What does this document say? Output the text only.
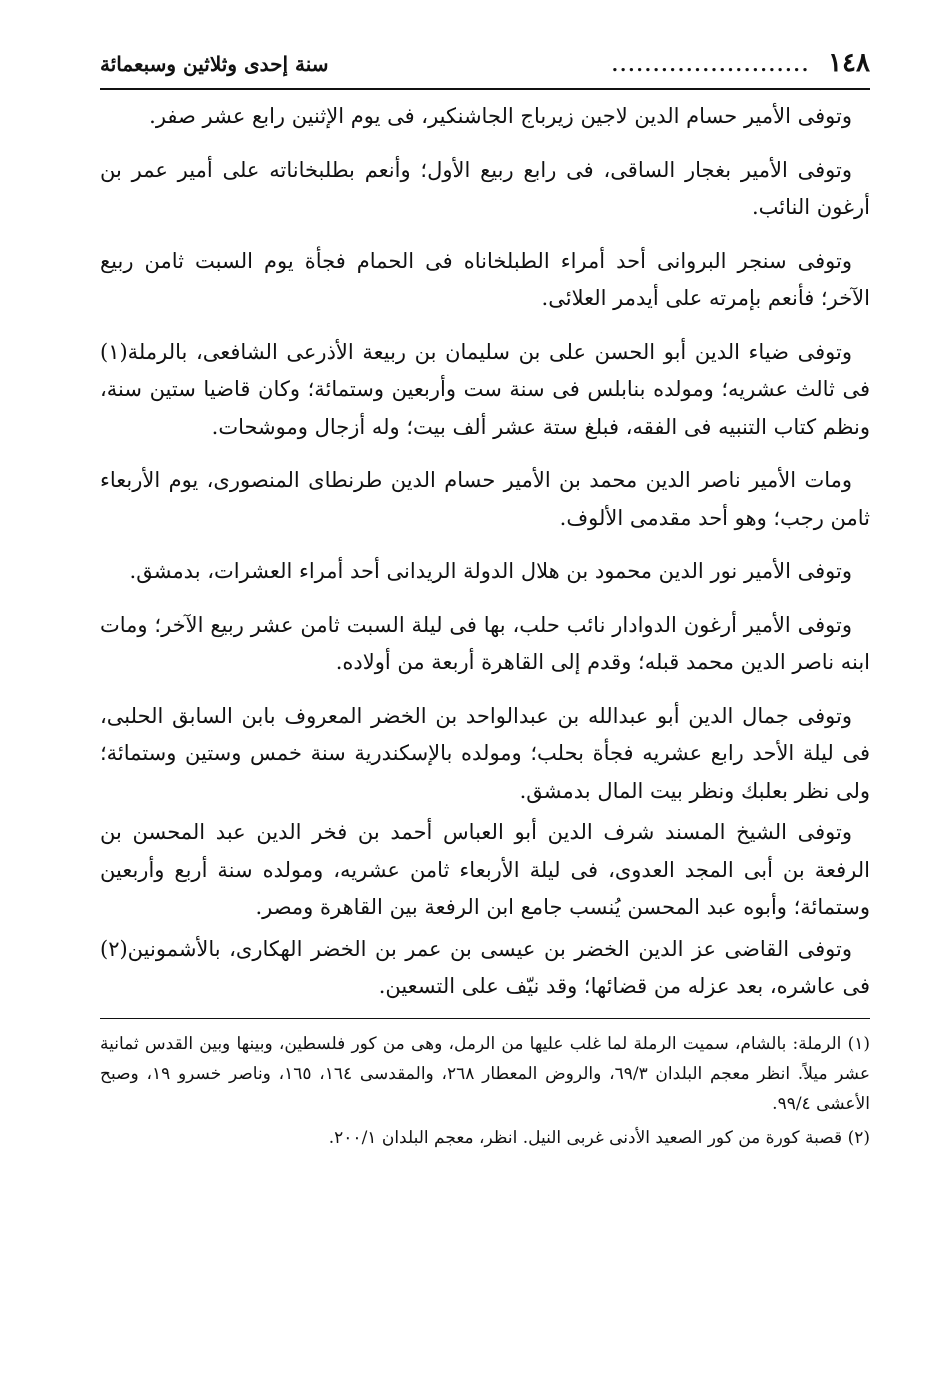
١٤٨
........................
سنة إحدى وثلاثين وسبعمائة

وتوفى الأمير حسام الدين لاجين زيرباج الجاشنكير، فى يوم الإثنين رابع عشر صفر.

وتوفى الأمير بغجار الساقى، فى رابع ربيع الأول؛ وأنعم بطلبخاناته على أمير عمر بن أرغون النائب.

وتوفى سنجر البروانى أحد أمراء الطبلخاناه فى الحمام فجأة يوم السبت ثامن ربيع الآخر؛ فأنعم بإمرته على أيدمر العلائى.

وتوفى ضياء الدين أبو الحسن على بن سليمان بن ربيعة الأذرعى الشافعى، بالرملة(١) فى ثالث عشريه؛ ومولده بنابلس فى سنة ست وأربعين وستمائة؛ وكان قاضيا ستين سنة، ونظم كتاب التنبيه فى الفقه، فبلغ ستة عشر ألف بيت؛ وله أزجال وموشحات.

ومات الأمير ناصر الدين محمد بن الأمير حسام الدين طرنطاى المنصورى، يوم الأربعاء ثامن رجب؛ وهو أحد مقدمى الألوف.

وتوفى الأمير نور الدين محمود بن هلال الدولة الريدانى أحد أمراء العشرات، بدمشق.

وتوفى الأمير أرغون الدوادار نائب حلب، بها فى ليلة السبت ثامن عشر ربيع الآخر؛ ومات ابنه ناصر الدين محمد قبله؛ وقدم إلى القاهرة أربعة من أولاده.

وتوفى جمال الدين أبو عبدالله بن عبدالواحد بن الخضر المعروف بابن السابق الحلبى، فى ليلة الأحد رابع عشريه فجأة بحلب؛ ومولده بالإسكندرية سنة خمس وستين وستمائة؛ ولى نظر بعلبك ونظر بيت المال بدمشق.

وتوفى الشيخ المسند شرف الدين أبو العباس أحمد بن فخر الدين عبد المحسن بن الرفعة بن أبى المجد العدوى، فى ليلة الأربعاء ثامن عشريه، ومولده سنة أربع وأربعين وستمائة؛ وأبوه عبد المحسن يُنسب جامع ابن الرفعة بين القاهرة ومصر.

وتوفى القاضى عز الدين الخضر بن عيسى بن عمر بن الخضر الهكارى، بالأشمونين(٢) فى عاشره، بعد عزله من قضائها؛ وقد نيّف على التسعين.

(١) الرملة: بالشام، سميت الرملة لما غلب عليها من الرمل، وهى من كور فلسطين، وبينها وبين القدس ثمانية عشر ميلاً. انظر معجم البلدان ٦٩/٣، والروض المعطار ٢٦٨، والمقدسى ١٦٤، ١٦٥، وناصر خسرو ١٩، وصبح الأعشى ٩٩/٤.

(٢) قصبة كورة من كور الصعيد الأدنى غربى النيل. انظر، معجم البلدان ٢٠٠/١.
